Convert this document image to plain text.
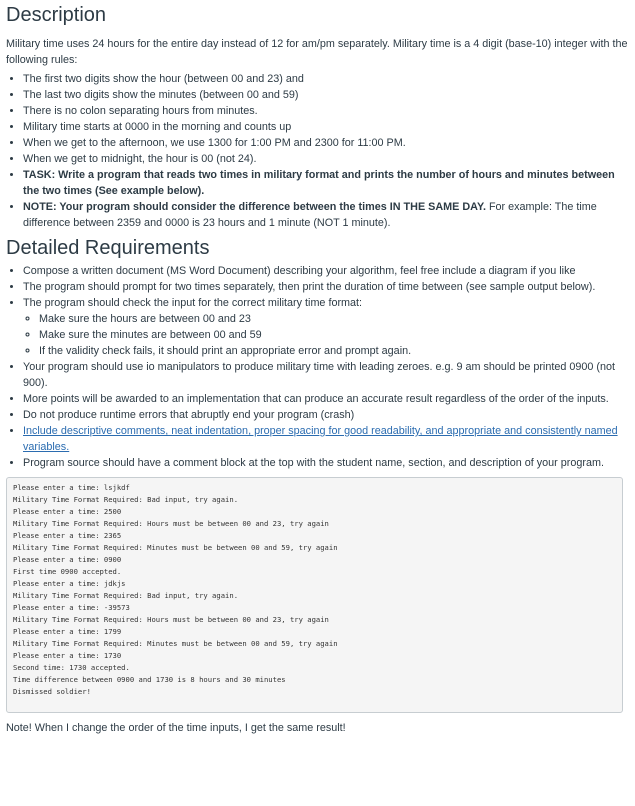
Description

Military time uses 24 hours for the entire day instead of 12 for am/pm separately. Military time is a 4 digit (base-10) integer with the following rules:

• The first two digits show the hour (between 00 and 23) and
• The last two digits show the minutes (between 00 and 59)
• There is no colon separating hours from minutes.
• Military time starts at 0000 in the morning and counts up
• When we get to the afternoon, we use 1300 for 1:00 PM and 2300 for 11:00 PM.
• When we get to midnight, the hour is 00 (not 24).
• TASK: Write a program that reads two times in military format and prints the number of hours and minutes between the two times (See example below).
• NOTE: Your program should consider the difference between the times IN THE SAME DAY. For example: The time difference between 2359 and 0000 is 23 hours and 1 minute (NOT 1 minute).
Detailed Requirements
• Compose a written document (MS Word Document) describing your algorithm, feel free include a diagram if you like
• The program should prompt for two times separately, then print the duration of time between (see sample output below).
• The program should check the input for the correct military time format:
◦ Make sure the hours are between 00 and 23
◦ Make sure the minutes are between 00 and 59
◦ If the validity check fails, it should print an appropriate error and prompt again.
• Your program should use io manipulators to produce military time with leading zeroes. e.g. 9 am should be printed 0900 (not 900).
• More points will be awarded to an implementation that can produce an accurate result regardless of the order of the inputs.
• Do not produce runtime errors that abruptly end your program (crash)
• Include descriptive comments, neat indentation, proper spacing for good readability, and appropriate and consistently named variables.
• Program source should have a comment block at the top with the student name, section, and description of your program.
Please enter a time: lsjkdf
Military Time Format Required: Bad input, try again.
Please enter a time: 2500
Military Time Format Required: Hours must be between 00 and 23, try again
Please enter a time: 2365
Military Time Format Required: Minutes must be between 00 and 59, try again
Please enter a time: 0900
First time 0900 accepted.
Please enter a time: jdkjs
Military Time Format Required: Bad input, try again.
Please enter a time: -39573
Military Time Format Required: Hours must be between 00 and 23, try again
Please enter a time: 1799
Military Time Format Required: Minutes must be between 00 and 59, try again
Please enter a time: 1730
Second time: 1730 accepted.
Time difference between 0900 and 1730 is 8 hours and 30 minutes
Dismissed soldier!

Note! When I change the order of the time inputs, I get the same result!
